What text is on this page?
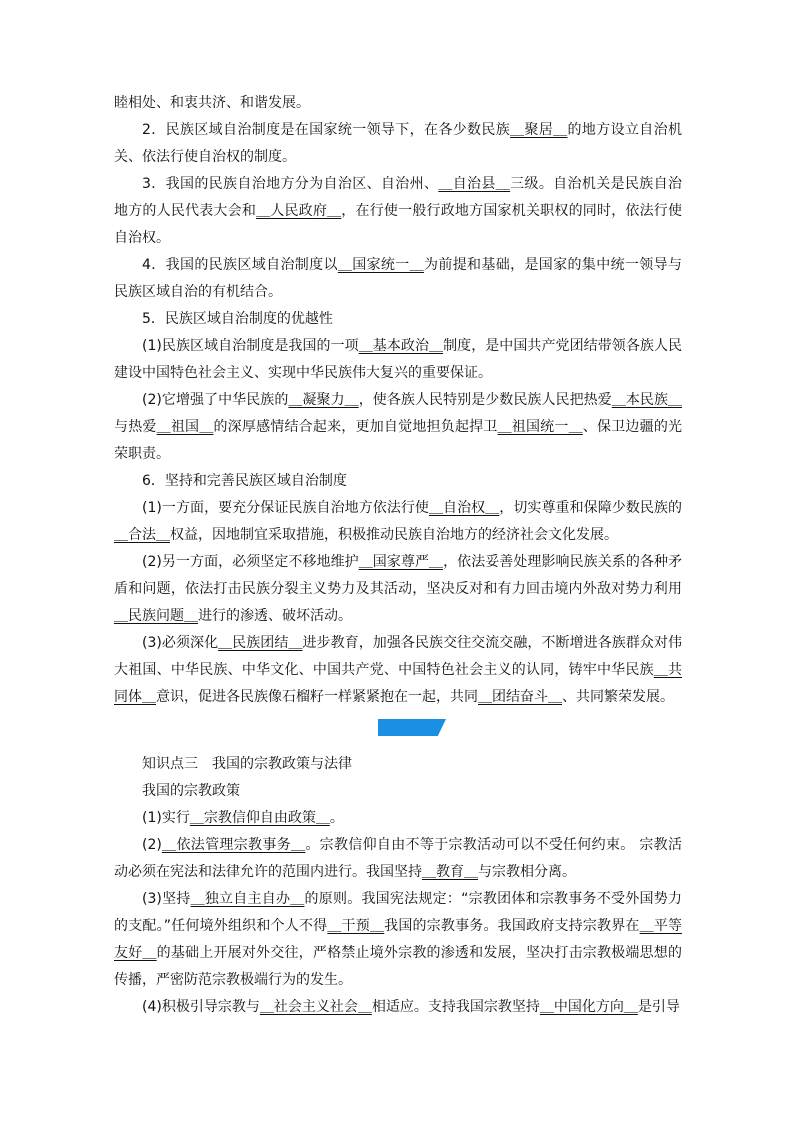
睦相处、和衷共济、和谐发展。

2．民族区域自治制度是在国家统一领导下，在各少数民族＿聚居＿的地方设立自治机关、依法行使自治权的制度。

3．我国的民族自治地方分为自治区、自治州、＿自治县＿三级。自治机关是民族自治地方的人民代表大会和＿人民政府＿，在行使一般行政地方国家机关职权的同时，依法行使自治权。

4．我国的民族区域自治制度以＿国家统一＿为前提和基础，是国家的集中统一领导与民族区域自治的有机结合。

5．民族区域自治制度的优越性

(1)民族区域自治制度是我国的一项＿基本政治＿制度，是中国共产党团结带领各族人民建设中国特色社会主义、实现中华民族伟大复兴的重要保证。

(2)它增强了中华民族的＿凝聚力＿，使各族人民特别是少数民族人民把热爱＿本民族＿与热爱＿祖国＿的深厚感情结合起来，更加自觉地担负起捍卫＿祖国统一＿、保卫边疆的光荣职责。

6．坚持和完善民族区域自治制度

(1)一方面，要充分保证民族自治地方依法行使＿自治权＿，切实尊重和保障少数民族的＿合法＿权益，因地制宜采取措施，积极推动民族自治地方的经济社会文化发展。

(2)另一方面，必须坚定不移地维护＿国家尊严＿，依法妥善处理影响民族关系的各种矛盾和问题，依法打击民族分裂主义势力及其活动，坚决反对和有力回击境内外敌对势力利用＿民族问题＿进行的渗透、破坏活动。

(3)必须深化＿民族团结＿进步教育，加强各民族交往交流交融，不断增进各族群众对伟大祖国、中华民族、中华文化、中国共产党、中国特色社会主义的认同，铸牢中华民族＿共同体＿意识，促进各民族像石榴籽一样紧紧抱在一起，共同＿团结奋斗＿、共同繁荣发展。

知识点三　我国的宗教政策与法律

我国的宗教政策

(1)实行＿宗教信仰自由政策＿。

(2)＿依法管理宗教事务＿。宗教信仰自由不等于宗教活动可以不受任何约束。 宗教活动必须在宪法和法律允许的范围内进行。我国坚持＿教育＿与宗教相分离。

(3)坚持＿独立自主自办＿的原则。我国宪法规定：“宗教团体和宗教事务不受外国势力的支配。”任何境外组织和个人不得＿干预＿我国的宗教事务。我国政府支持宗教界在＿平等友好＿的基础上开展对外交往，严格禁止境外宗教的渗透和发展，坚决打击宗教极端思想的传播，严密防范宗教极端行为的发生。

(4)积极引导宗教与＿社会主义社会＿相适应。支持我国宗教坚持＿中国化方向＿是引导
